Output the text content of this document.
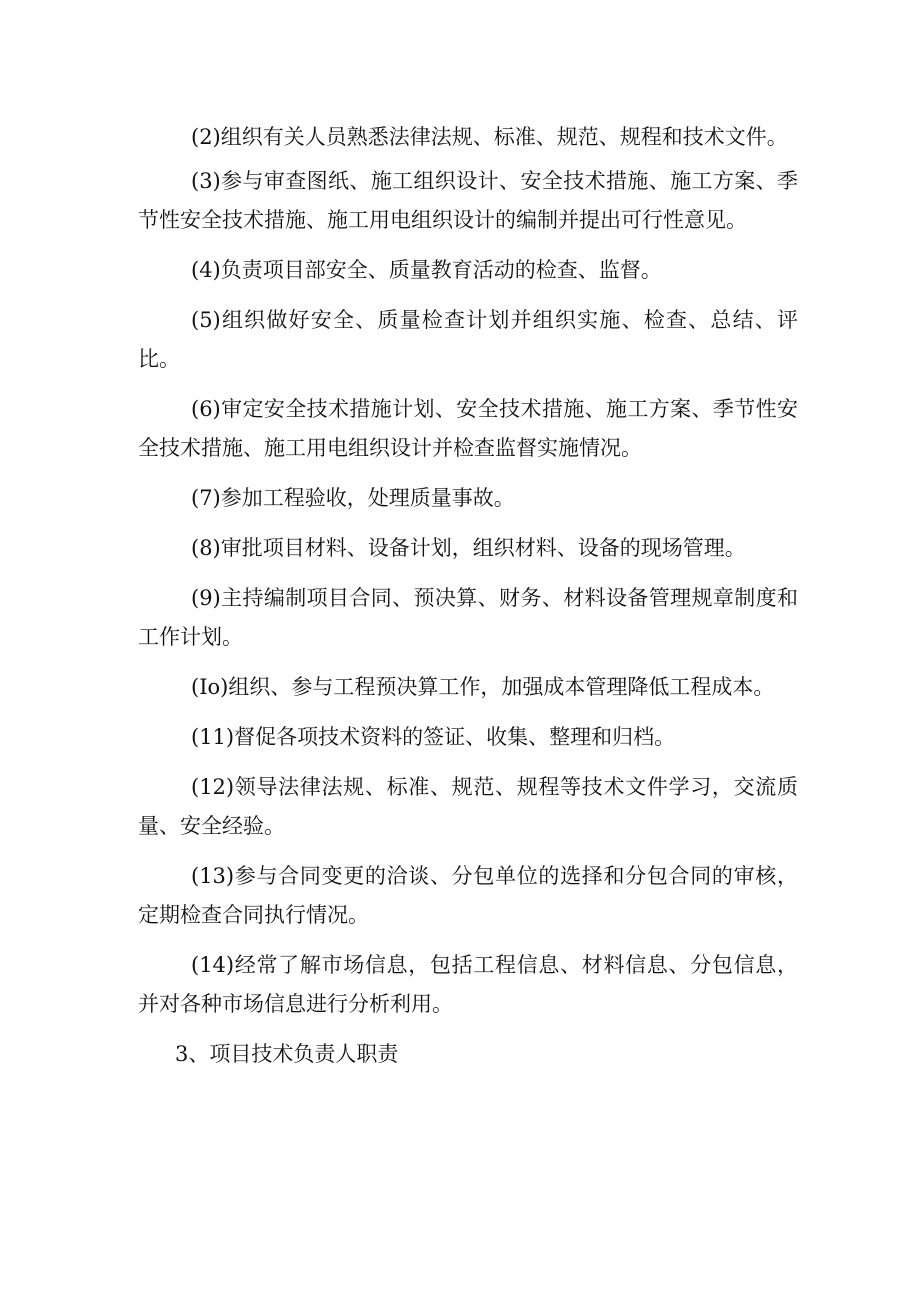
(2)组织有关人员熟悉法律法规、标准、规范、规程和技术文件。

(3)参与审查图纸、施工组织设计、安全技术措施、施工方案、季节性安全技术措施、施工用电组织设计的编制并提出可行性意见。

(4)负责项目部安全、质量教育活动的检查、监督。

(5)组织做好安全、质量检查计划并组织实施、检查、总结、评比。

(6)审定安全技术措施计划、安全技术措施、施工方案、季节性安全技术措施、施工用电组织设计并检查监督实施情况。

(7)参加工程验收，处理质量事故。

(8)审批项目材料、设备计划，组织材料、设备的现场管理。

(9)主持编制项目合同、预决算、财务、材料设备管理规章制度和工作计划。

(Io)组织、参与工程预决算工作，加强成本管理降低工程成本。

(11)督促各项技术资料的签证、收集、整理和归档。

(12)领导法律法规、标准、规范、规程等技术文件学习，交流质量、安全经验。

(13)参与合同变更的洽谈、分包单位的选择和分包合同的审核，定期检查合同执行情况。

(14)经常了解市场信息，包括工程信息、材料信息、分包信息，并对各种市场信息进行分析利用。

3、项目技术负责人职责
